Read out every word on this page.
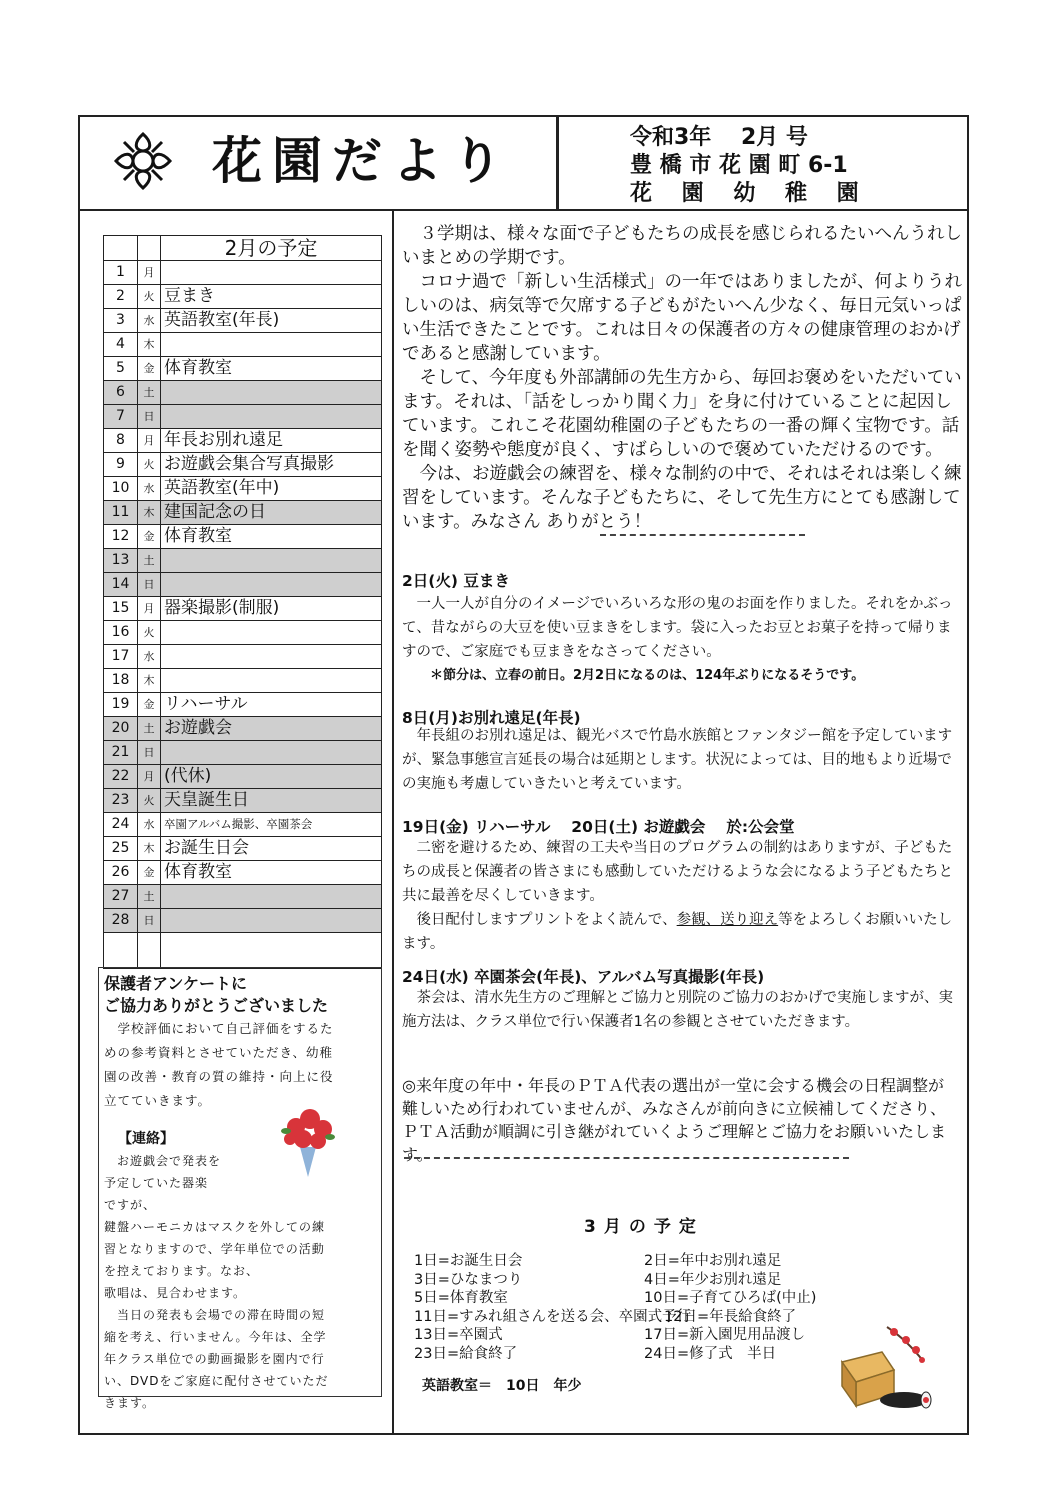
花園だより	令和3年　 2月 号
豊 橋 市 花 園 町 6-1
花　 園　 幼　 稚　 園
		2月の予定
1	月	
2	火	豆まき
3	水	英語教室(年長)
4	木	
5	金	体育教室
6	土	
7	日	
8	月	年長お別れ遠足
9	火	お遊戯会集合写真撮影
10	水	英語教室(年中)
11	木	建国記念の日
12	金	体育教室
13	土	
14	日	
15	月	器楽撮影(制服)
16	火	
17	水	
18	木	
19	金	リハーサル
20	土	お遊戯会
21	日	
22	月	(代休)
23	火	天皇誕生日
24	水	卒園アルバム撮影、卒園茶会
25	木	お誕生日会
26	金	体育教室
27	土	
28	日	

保護者アンケートに
ご協力ありがとうございました

　学校評価において自己評価をするた

めの参考資料とさせていただき、幼稚

園の改善・教育の質の維持・向上に役

立てていきます。

【連絡】
　お遊戯会で発表を
予定していた器楽
ですが、
鍵盤ハーモニカはマスクを外しての練
習となりますので、学年単位での活動
を控えております。なお、
歌唱は、見合わせます。
　当日の発表も会場での滞在時間の短
縮を考え、行いません。今年は、全学
年クラス単位での動画撮影を園内で行
い、DVDをご家庭に配付させていただ
きます。

３学期は、様々な面で子どもたちの成長を感じられるたいへんうれしいまとめの学期です。

コロナ過で「新しい生活様式」の一年ではありましたが、何よりうれしいのは、病気等で欠席する子どもがたいへん少なく、毎日元気いっぱい生活できたことです。これは日々の保護者の方々の健康管理のおかげであると感謝しています。

そして、今年度も外部講師の先生方から、毎回お褒めをいただいています。それは、「話をしっかり聞く力」を身に付けていることに起因しています。これこそ花園幼稚園の子どもたちの一番の輝く宝物です。話を聞く姿勢や態度が良く、すばらしいので褒めていただけるのです。

今は、お遊戯会の練習を、様々な制約の中で、それはそれは楽しく練習をしています。そんな子どもたちに、そして先生方にとても感謝しています。みなさん ありがとう！

2日(火) 豆まき

一人一人が自分のイメージでいろいろな形の鬼のお面を作りました。それをかぶって、昔ながらの大豆を使い豆まきをします。袋に入ったお豆とお菓子を持って帰りますので、ご家庭でも豆まきをなさってください。

＊節分は、立春の前日。2月2日になるのは、124年ぶりになるそうです。

8日(月)お別れ遠足(年長)

年長組のお別れ遠足は、観光バスで竹島水族館とファンタジー館を予定していますが、緊急事態宣言延長の場合は延期とします。状況によっては、目的地もより近場での実施も考慮していきたいと考えています。

19日(金) リハーサル　 20日(土) お遊戯会　 於:公会堂

二密を避けるため、練習の工夫や当日のプログラムの制約はありますが、子どもたちの成長と保護者の皆さまにも感動していただけるような会になるよう子どもたちと共に最善を尽くしていきます。

後日配付しますプリントをよく読んで、参観、送り迎え等をよろしくお願いいたします。

24日(水) 卒園茶会(年長)、アルバム写真撮影(年長)

茶会は、清水先生方のご理解とご協力と別院のご協力のおかげで実施しますが、実施方法は、クラス単位で行い保護者1名の参観とさせていただきます。

◎来年度の年中・年長のＰＴＡ代表の選出が一堂に会する機会の日程調整が難しいため行われていませんが、みなさんが前向きに立候補してくださり、ＰＴＡ活動が順調に引き継がれていくようご理解とご協力をお願いいたします。

3月の予定
1日=お誕生日会
3日=ひなまつり
5日=体育教室
11日=すみれ組さんを送る会、卒園式予行
13日=卒園式
23日=給食終了
2日=年中お別れ遠足
4日=年少お別れ遠足
10日=子育てひろば(中止)
12日=年長給食終了
17日=新入園児用品渡し
24日=修了式　半日
英語教室＝　10日　年少
